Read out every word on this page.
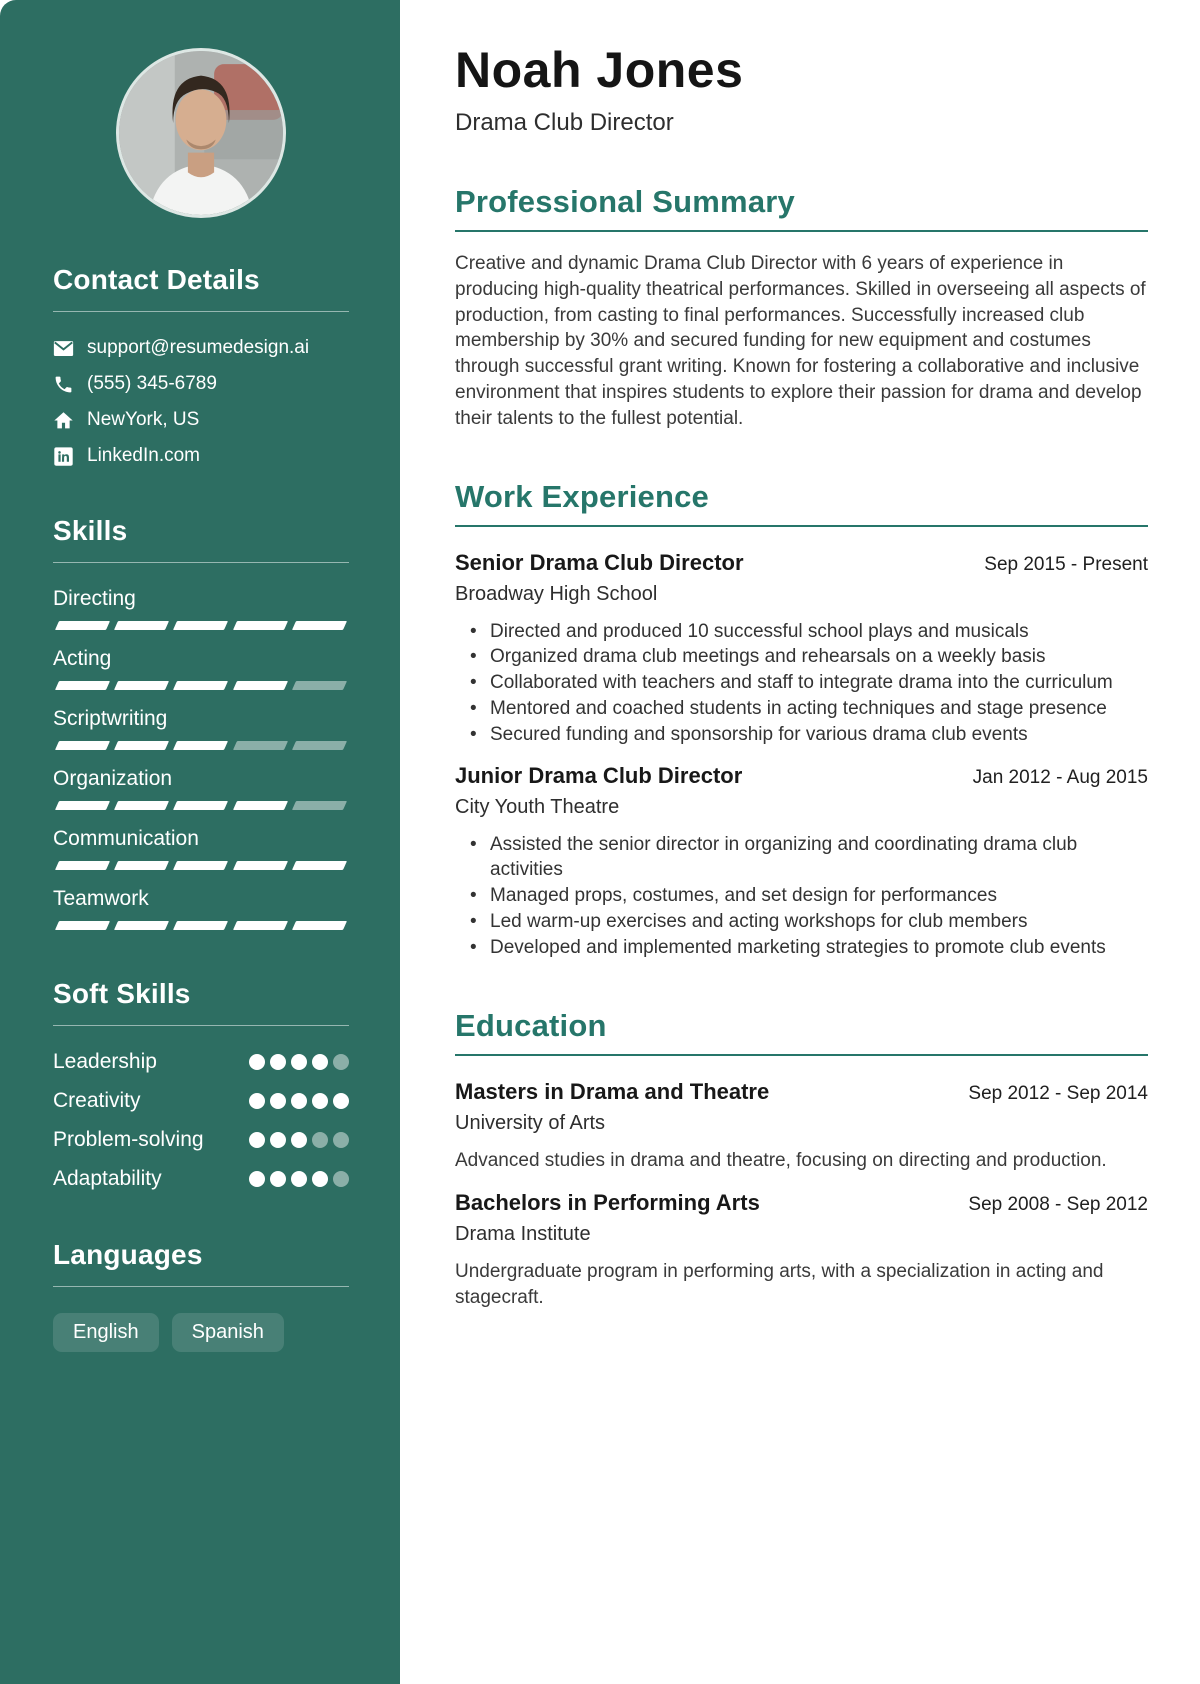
Contact Details
support@resumedesign.ai
(555) 345-6789
NewYork, US
LinkedIn.com
Skills
Directing
Acting
Scriptwriting
Organization
Communication
Teamwork
Soft Skills
Leadership
Creativity
Problem-solving
Adaptability
Languages
English	Spanish
Noah Jones
Drama Club Director
Professional Summary

Creative and dynamic Drama Club Director with 6 years of experience in producing high-quality theatrical performances. Skilled in overseeing all aspects of production, from casting to final performances. Successfully increased club membership by 30% and secured funding for new equipment and costumes through successful grant writing. Known for fostering a collaborative and inclusive environment that inspires students to explore their passion for drama and develop their talents to the fullest potential.

Work Experience
Senior Drama Club Director	Sep 2015 - Present
Broadway High School
• Directed and produced 10 successful school plays and musicals
• Organized drama club meetings and rehearsals on a weekly basis
• Collaborated with teachers and staff to integrate drama into the curriculum
• Mentored and coached students in acting techniques and stage presence
• Secured funding and sponsorship for various drama club events
Junior Drama Club Director	Jan 2012 - Aug 2015
City Youth Theatre
• Assisted the senior director in organizing and coordinating drama club activities
• Managed props, costumes, and set design for performances
• Led warm-up exercises and acting workshops for club members
• Developed and implemented marketing strategies to promote club events
Education
Masters in Drama and Theatre	Sep 2012 - Sep 2014
University of Arts

Advanced studies in drama and theatre, focusing on directing and production.

Bachelors in Performing Arts	Sep 2008 - Sep 2012
Drama Institute

Undergraduate program in performing arts, with a specialization in acting and stagecraft.
